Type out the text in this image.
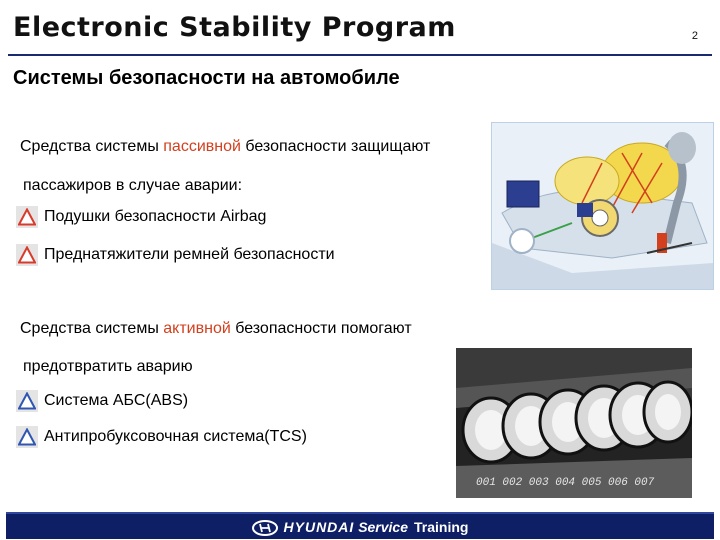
Electronic Stability Program	2
Системы безопасности на автомобиле
Средства системы пассивной безопасности защищают
пассажиров в случае аварии:
Подушки безопасности Airbag
Преднатяжители ремней безопасности
Средства системы активной безопасности помогают
предотвратить аварию
Система АБС(ABS)
Антипробуксовочная система(TCS)
001 002 003 004 005 006 007
HYUNDAI Service Training
